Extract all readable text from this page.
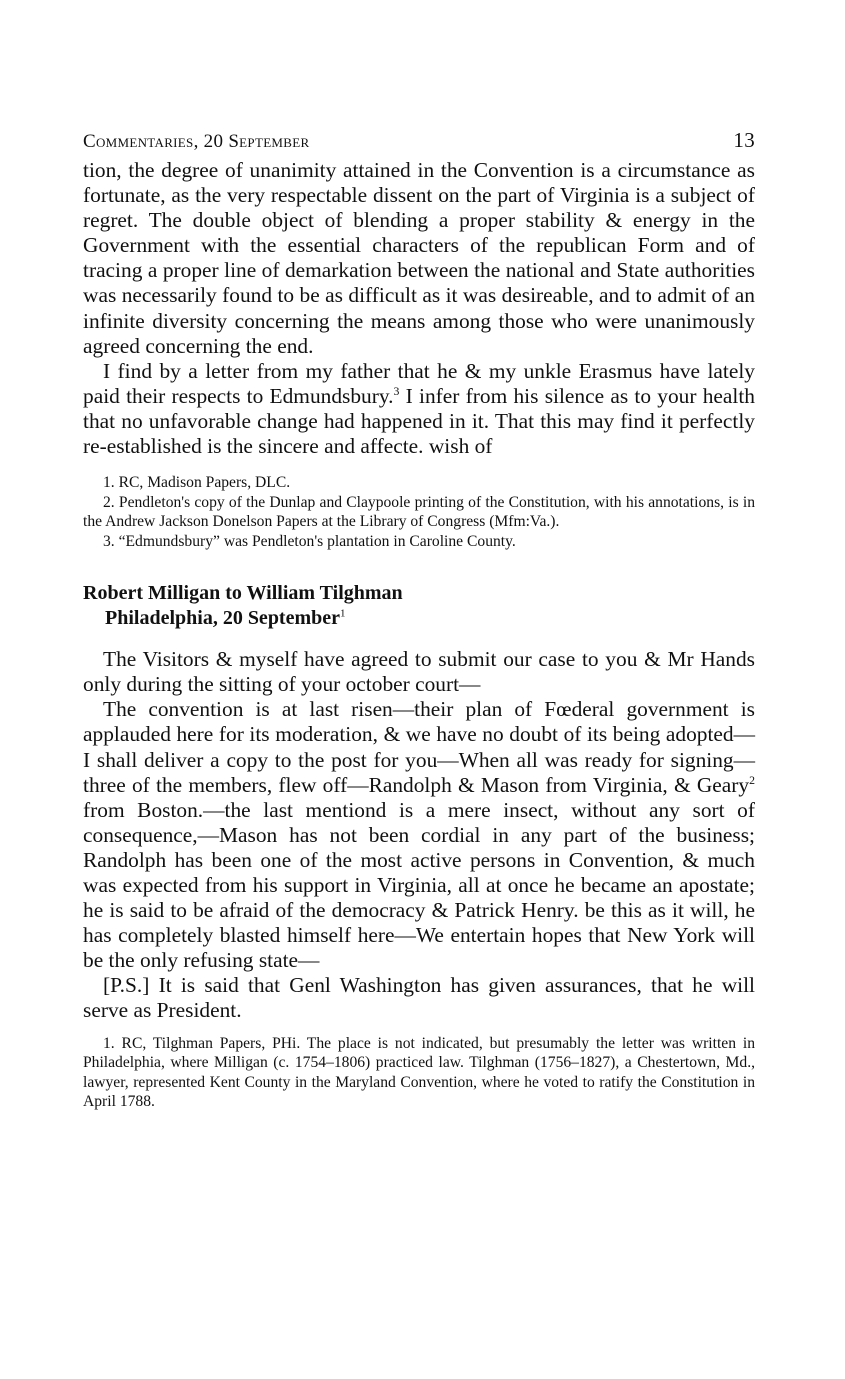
Commentaries, 20 September	13

tion, the degree of unanimity attained in the Convention is a circumstance as fortunate, as the very respectable dissent on the part of Virginia is a subject of regret. The double object of blending a proper stability & energy in the Government with the essential characters of the republican Form and of tracing a proper line of demarkation between the national and State authorities was necessarily found to be as difficult as it was desireable, and to admit of an infinite diversity concerning the means among those who were unanimously agreed concerning the end.

I find by a letter from my father that he & my unkle Erasmus have lately paid their respects to Edmundsbury.$^3$ I infer from his silence as to your health that no unfavorable change had happened in it. That this may find it perfectly re-established is the sincere and affecte. wish of

1. RC, Madison Papers, DLC.

2. Pendleton's copy of the Dunlap and Claypoole printing of the Constitution, with his annotations, is in the Andrew Jackson Donelson Papers at the Library of Congress (Mfm:Va.).

3. “Edmundsbury” was Pendleton's plantation in Caroline County.

Robert Milligan to William Tilghman
Philadelphia, 20 September$^1$

The Visitors & myself have agreed to submit our case to you & Mr Hands only during the sitting of your october court—

The convention is at last risen—their plan of Fœderal government is applauded here for its moderation, & we have no doubt of its being adopted—I shall deliver a copy to the post for you—When all was ready for signing—three of the members, flew off—Randolph & Mason from Virginia, & Geary$^2$ from Boston.—the last mentiond is a mere insect, without any sort of consequence,—Mason has not been cordial in any part of the business; Randolph has been one of the most active persons in Convention, & much was expected from his support in Virginia, all at once he became an apostate; he is said to be afraid of the democracy & Patrick Henry. be this as it will, he has completely blasted himself here—We entertain hopes that New York will be the only refusing state—

[P.S.] It is said that Genl Washington has given assurances, that he will serve as President.

1. RC, Tilghman Papers, PHi. The place is not indicated, but presumably the letter was written in Philadelphia, where Milligan (c. 1754–1806) practiced law. Tilghman (1756–1827), a Chestertown, Md., lawyer, represented Kent County in the Maryland Convention, where he voted to ratify the Constitution in April 1788.
